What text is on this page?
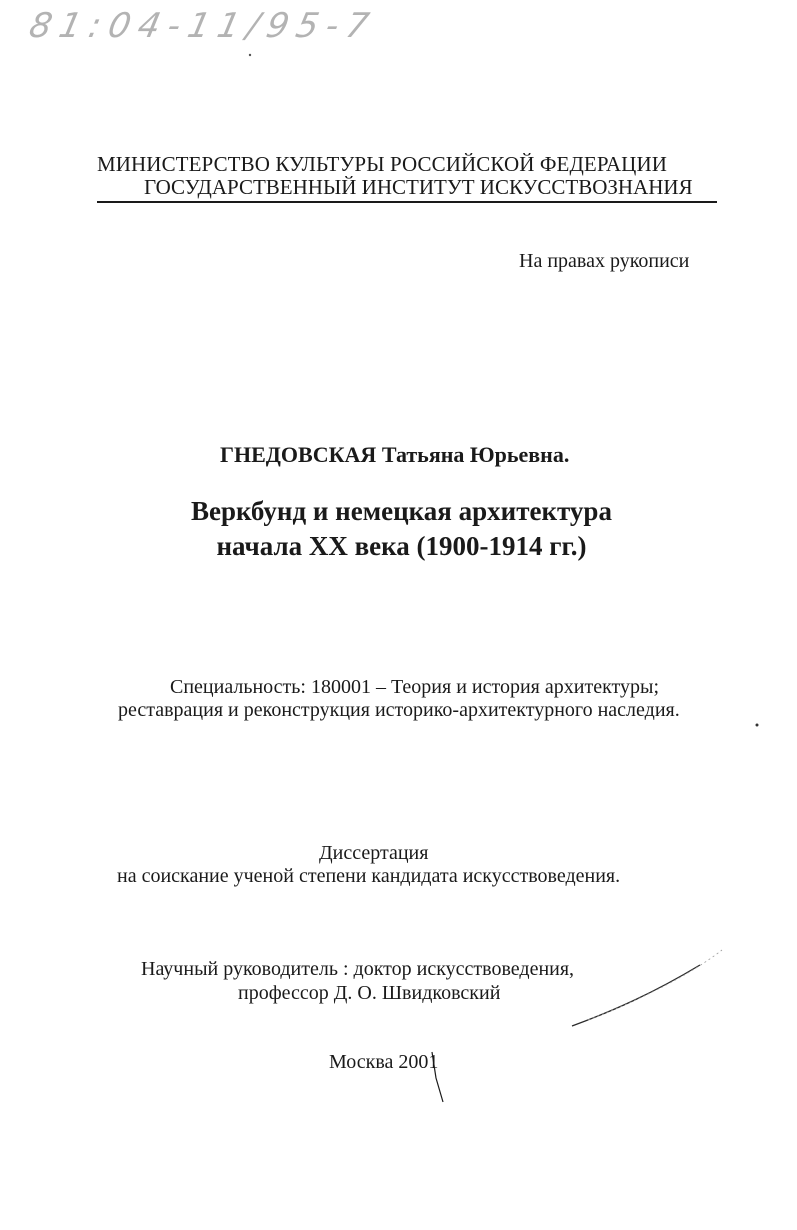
81:04-11/95-7

МИНИСТЕРСТВО КУЛЬТУРЫ РОССИЙСКОЙ ФЕДЕРАЦИИ

ГОСУДАРСТВЕННЫЙ ИНСТИТУТ ИСКУССТВОЗНАНИЯ

На правах рукописи

ГНЕДОВСКАЯ Татьяна Юрьевна.

Веркбунд и немецкая архитектура
начала XX века (1900-1914 гг.)

Специальность: 180001 – Теория и история архитектуры;

реставрация и реконструкция историко-архитектурного наследия.

Диссертация

на соискание ученой степени кандидата искусствоведения.

Научный руководитель : доктор искусствоведения,

профессор Д. О. Швидковский

Москва 2001
